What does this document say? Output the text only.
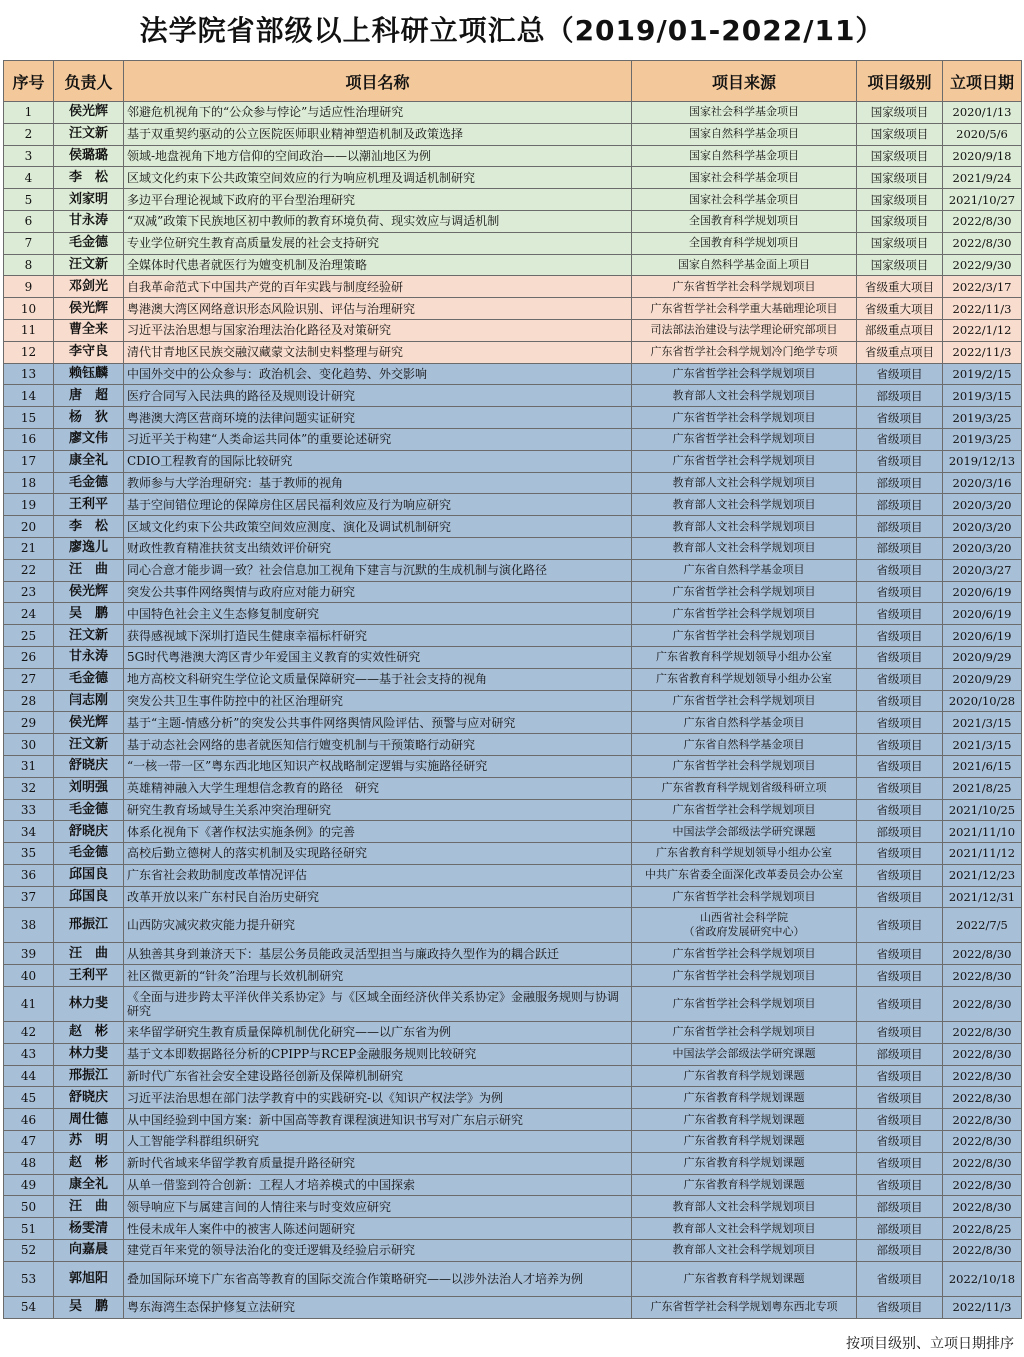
法学院省部级以上科研立项汇总（2019/01-2022/11）
序号	负责人	项目名称	项目来源	项目级别	立项日期
1	侯光辉	邻避危机视角下的“公众参与悖论”与适应性治理研究	国家社会科学基金项目	国家级项目	2020/1/13
2	汪文新	基于双重契约驱动的公立医院医师职业精神塑造机制及政策选择	国家自然科学基金项目	国家级项目	2020/5/6
3	侯璐璐	领域-地盘视角下地方信仰的空间政治——以潮汕地区为例	国家自然科学基金项目	国家级项目	2020/9/18
4	李　松	区域文化约束下公共政策空间效应的行为响应机理及调适机制研究	国家社会科学基金项目	国家级项目	2021/9/24
5	刘家明	多边平台理论视域下政府的平台型治理研究	国家社会科学基金项目	国家级项目	2021/10/27
6	甘永涛	“双减”政策下民族地区初中教师的教育环境负荷、现实效应与调适机制	全国教育科学规划项目	国家级项目	2022/8/30
7	毛金德	专业学位研究生教育高质量发展的社会支持研究	全国教育科学规划项目	国家级项目	2022/8/30
8	汪文新	全媒体时代患者就医行为嬗变机制及治理策略	国家自然科学基金面上项目	国家级项目	2022/9/30
9	邓剑光	自我革命范式下中国共产党的百年实践与制度经验研	广东省哲学社会科学规划项目	省级重大项目	2022/3/17
10	侯光辉	粤港澳大湾区网络意识形态风险识别、评估与治理研究	广东省哲学社会科学重大基础理论项目	省级重大项目	2022/11/3
11	曹全来	习近平法治思想与国家治理法治化路径及对策研究	司法部法治建设与法学理论研究部项目	部级重点项目	2022/1/12
12	李守良	清代甘青地区民族交融汉藏蒙文法制史料整理与研究	广东省哲学社会科学规划冷门绝学专项	省级重点项目	2022/11/3
13	赖钰麟	中国外交中的公众参与：政治机会、变化趋势、外交影响	广东省哲学社会科学规划项目	省级项目	2019/2/15
14	唐　超	医疗合同写入民法典的路径及规则设计研究	教育部人文社会科学规划项目	部级项目	2019/3/15
15	杨　狄	粤港澳大湾区营商环境的法律问题实证研究	广东省哲学社会科学规划项目	省级项目	2019/3/25
16	廖文伟	习近平关于构建“人类命运共同体”的重要论述研究	广东省哲学社会科学规划项目	省级项目	2019/3/25
17	康全礼	CDIO工程教育的国际比较研究	广东省哲学社会科学规划项目	省级项目	2019/12/13
18	毛金德	教师参与大学治理研究：基于教师的视角	教育部人文社会科学规划项目	部级项目	2020/3/16
19	王利平	基于空间错位理论的保障房住区居民福利效应及行为响应研究	教育部人文社会科学规划项目	部级项目	2020/3/20
20	李　松	区域文化约束下公共政策空间效应测度、演化及调试机制研究	教育部人文社会科学规划项目	部级项目	2020/3/20
21	廖逸儿	财政性教育精准扶贫支出绩效评价研究	教育部人文社会科学规划项目	部级项目	2020/3/20
22	汪　曲	同心合意才能步调一致？社会信息加工视角下建言与沉默的生成机制与演化路径	广东省自然科学基金项目	省级项目	2020/3/27
23	侯光辉	突发公共事件网络舆情与政府应对能力研究	广东省哲学社会科学规划项目	省级项目	2020/6/19
24	吴　鹏	中国特色社会主义生态修复制度研究	广东省哲学社会科学规划项目	省级项目	2020/6/19
25	汪文新	获得感视域下深圳打造民生健康幸福标杆研究	广东省哲学社会科学规划项目	省级项目	2020/6/19
26	甘永涛	5G时代粤港澳大湾区青少年爱国主义教育的实效性研究	广东省教育科学规划领导小组办公室	省级项目	2020/9/29
27	毛金德	地方高校文科研究生学位论文质量保障研究——基于社会支持的视角	广东省教育科学规划领导小组办公室	省级项目	2020/9/29
28	闫志刚	突发公共卫生事件防控中的社区治理研究	广东省哲学社会科学规划项目	省级项目	2020/10/28
29	侯光辉	基于“主题-情感分析”的突发公共事件网络舆情风险评估、预警与应对研究	广东省自然科学基金项目	省级项目	2021/3/15
30	汪文新	基于动态社会网络的患者就医知信行嬗变机制与干预策略行动研究	广东省自然科学基金项目	省级项目	2021/3/15
31	舒晓庆	“一核一带一区”粤东西北地区知识产权战略制定逻辑与实施路径研究	广东省哲学社会科学规划项目	省级项目	2021/6/15
32	刘明强	英雄精神融入大学生理想信念教育的路径　研究	广东省教育科学规划省级科研立项	省级项目	2021/8/25
33	毛金德	研究生教育场域导生关系冲突治理研究	广东省哲学社会科学规划项目	省级项目	2021/10/25
34	舒晓庆	体系化视角下《著作权法实施条例》的完善	中国法学会部级法学研究课题	部级项目	2021/11/10
35	毛金德	高校后勤立德树人的落实机制及实现路径研究	广东省教育科学规划领导小组办公室	省级项目	2021/11/12
36	邱国良	广东省社会救助制度改革情况评估	中共广东省委全面深化改革委员会办公室	省级项目	2021/12/23
37	邱国良	改革开放以来广东村民自治历史研究	广东省哲学社会科学规划项目	省级项目	2021/12/31
38	邢振江	山西防灾减灾救灾能力提升研究	山西省社会科学院
（省政府发展研究中心）	省级项目	2022/7/5
39	汪　曲	从独善其身到兼济天下：基层公务员能政灵活型担当与廉政持久型作为的耦合跃迁	广东省哲学社会科学规划项目	省级项目	2022/8/30
40	王利平	社区微更新的“针灸”治理与长效机制研究	广东省哲学社会科学规划项目	省级项目	2022/8/30
41	林力斐	《全面与进步跨太平洋伙伴关系协定》与《区域全面经济伙伴关系协定》金融服务规则与协调研究	广东省哲学社会科学规划项目	省级项目	2022/8/30
42	赵　彬	来华留学研究生教育质量保障机制优化研究——以广东省为例	广东省哲学社会科学规划项目	省级项目	2022/8/30
43	林力斐	基于文本即数据路径分析的CPIPP与RCEP金融服务规则比较研究	中国法学会部级法学研究课题	部级项目	2022/8/30
44	邢振江	新时代广东省社会安全建设路径创新及保障机制研究	广东省教育科学规划课题	省级项目	2022/8/30
45	舒晓庆	习近平法治思想在部门法学教育中的实践研究-以《知识产权法学》为例	广东省教育科学规划课题	省级项目	2022/8/30
46	周仕德	从中国经验到中国方案：新中国高等教育课程演进知识书写对广东启示研究	广东省教育科学规划课题	省级项目	2022/8/30
47	苏　明	人工智能学科群组织研究	广东省教育科学规划课题	省级项目	2022/8/30
48	赵　彬	新时代省域来华留学教育质量提升路径研究	广东省教育科学规划课题	省级项目	2022/8/30
49	康全礼	从单一借鉴到符合创新：工程人才培养模式的中国探索	广东省教育科学规划课题	省级项目	2022/8/30
50	汪　曲	领导响应下与属建言间的人情往来与时变效应研究	教育部人文社会科学规划项目	部级项目	2022/8/30
51	杨雯清	性侵未成年人案件中的被害人陈述问题研究	教育部人文社会科学规划项目	部级项目	2022/8/25
52	向嘉晨	建党百年来党的领导法治化的变迁逻辑及经验启示研究	教育部人文社会科学规划项目	部级项目	2022/8/30
53	郭旭阳	叠加国际环境下广东省高等教育的国际交流合作策略研究——以涉外法治人才培养为例	广东省教育科学规划课题	省级项目	2022/10/18
54	吴　鹏	粤东海湾生态保护修复立法研究	广东省哲学社会科学规划粤东西北专项	省级项目	2022/11/3
按项目级别、立项日期排序
